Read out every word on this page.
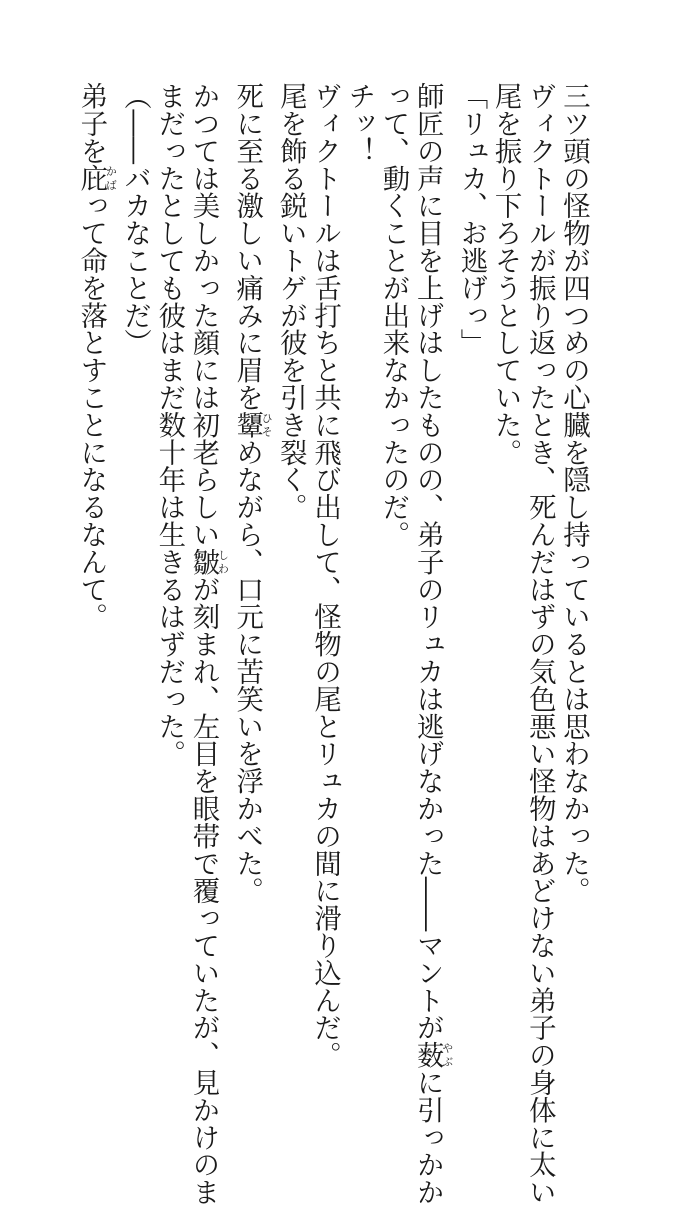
三ツ頭の怪物が四つめの心臓を隠し持っているとは思わなかった。
ヴィクトールが振り返ったとき、死んだはずの気色悪い怪物はあどけない弟子の身体に太い
尾を振り下ろそうとしていた。
「リュカ、お逃げっ」
師匠の声に目を上げはしたものの、弟子のリュカは逃げなかった――マントが薮やぶに引っかか
って、動くことが出来なかったのだ。
チッ！
ヴィクトールは舌打ちと共に飛び出して、怪物の尾とリュカの間に滑り込んだ。
尾を飾る鋭いトゲが彼を引き裂く。
死に至る激しい痛みに眉を顰ひそめながら、口元に苦笑いを浮かべた。
かつては美しかった顔には初老らしい皺しわが刻まれ、左目を眼帯で覆っていたが、見かけのま
まだったとしても彼はまだ数十年は生きるはずだった。
（――バカなことだ）
弟子を庇かばって命を落とすことになるなんて。
